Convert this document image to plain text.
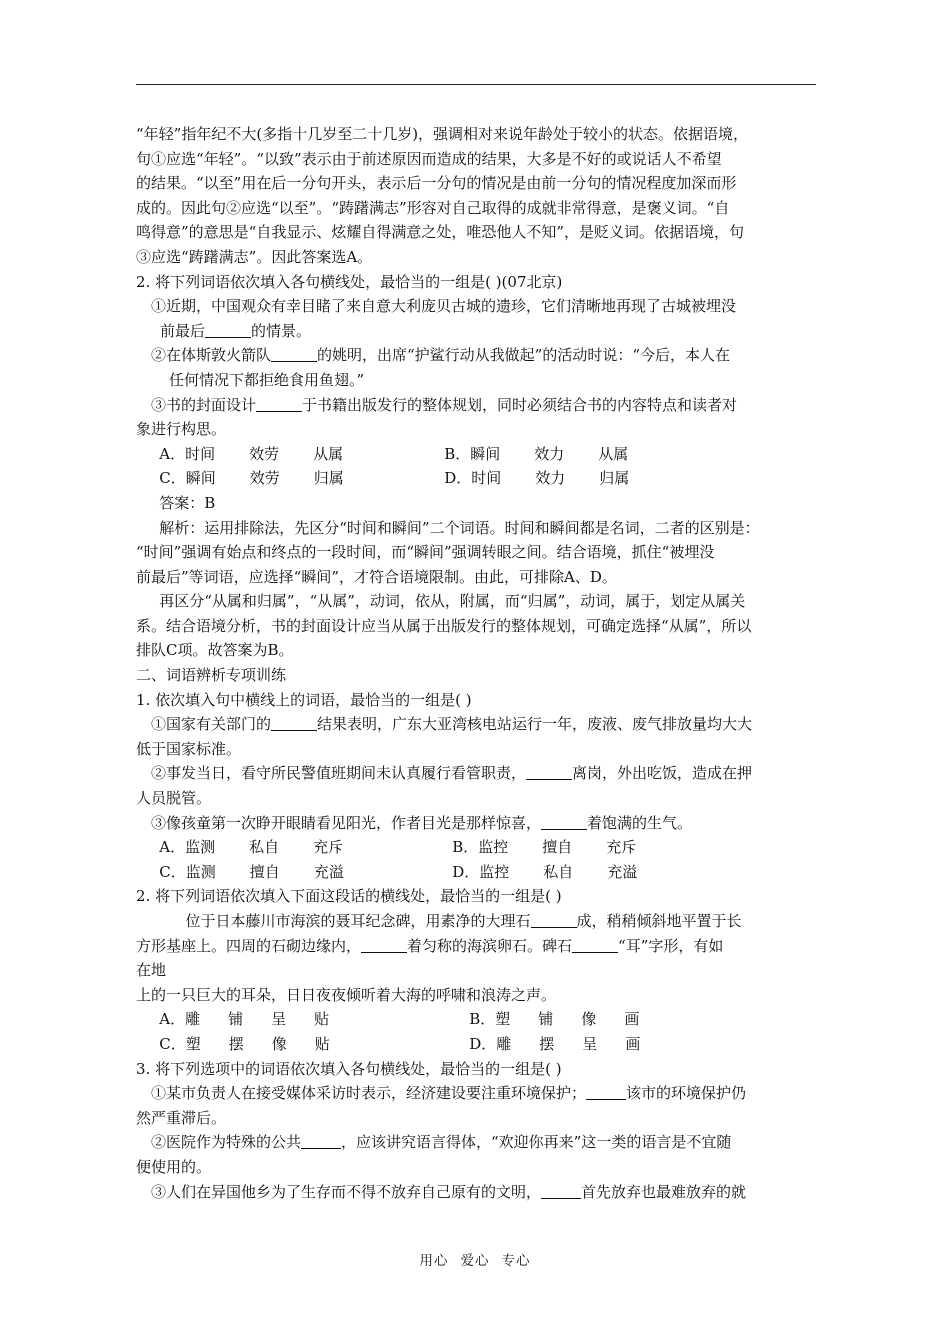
“年轻”指年纪不大(多指十几岁至二十几岁)，强调相对来说年龄处于较小的状态。依据语境，

句①应选“年轻”。“以致”表示由于前述原因而造成的结果，大多是不好的或说话人不希望

的结果。“以至”用在后一分句开头，表示后一分句的情况是由前一分句的情况程度加深而形

成的。因此句②应选“以至”。“踌躇满志”形容对自己取得的成就非常得意，是褒义词。“自

鸣得意”的意思是“自我显示、炫耀自得满意之处，唯恐他人不知”，是贬义词。依据语境，句

③应选“踌躇满志”。因此答案选A。

2. 将下列词语依次填入各句横线处，最恰当的一组是( )(07北京)

①近期，中国观众有幸目睹了来自意大利庞贝古城的遗珍，它们清晰地再现了古城被埋没

前最后	的情景。

②在体斯敦火箭队	的姚明，出席“护鲨行动从我做起”的活动时说：“今后，本人在

任何情况下都拒绝食用鱼翅。”

③书的封面设计	于书籍出版发行的整体规划，同时必须结合书的内容特点和读者对

象进行构思。

A．时间 效劳 从属	B．瞬间 效力 从属
C．瞬间 效劳 归属	D．时间 效力 归属

答案：B

解析：运用排除法，先区分“时间和瞬间”二个词语。时间和瞬间都是名词，二者的区别是：

“时间”强调有始点和终点的一段时间，而“瞬间”强调转眼之间。结合语境，抓住“被埋没

前最后”等词语，应选择“瞬间”，才符合语境限制。由此，可排除A、D。

再区分“从属和归属”，“从属”，动词，依从，附属，而“归属”，动词，属于，划定从属关

系。结合语境分析，书的封面设计应当从属于出版发行的整体规划，可确定选择“从属”，所以

排队C项。故答案为B。

二、词语辨析专项训练

1. 依次填入句中横线上的词语，最恰当的一组是( )

①国家有关部门的	结果表明，广东大亚湾核电站运行一年，废液、废气排放量均大大

低于国家标准。

②事发当日，看守所民警值班期间未认真履行看管职责，	离岗，外出吃饭，造成在押

人员脱管。

③像孩童第一次睁开眼睛看见阳光，作者目光是那样惊喜，	着饱满的生气。

A．监测 私自 充斥	B．监控 擅自 充斥
C．监测 擅自 充溢	D．监控 私自 充溢

2. 将下列词语依次填入下面这段话的横线处，最恰当的一组是( )

位于日本藤川市海滨的聂耳纪念碑，用素净的大理石	成，稍稍倾斜地平置于长

方形基座上。四周的石砌边缘内，	着匀称的海滨卵石。碑石	“耳”字形，有如

在地

上的一只巨大的耳朵，日日夜夜倾听着大海的呼啸和浪涛之声。

A．雕 铺 呈 贴	B．塑 铺 像 画
C．塑 摆 像 贴	D．雕 摆 呈 画

3. 将下列选项中的词语依次填入各句横线处，最恰当的一组是( )

①某市负责人在接受媒体采访时表示，经济建设要注重环境保护；	该市的环境保护仍

然严重滞后。

②医院作为特殊的公共	，应该讲究语言得体，“欢迎你再来”这一类的语言是不宜随

便使用的。

③人们在异国他乡为了生存而不得不放弃自己原有的文明，	首先放弃也最难放弃的就

用心 爱心 专心
